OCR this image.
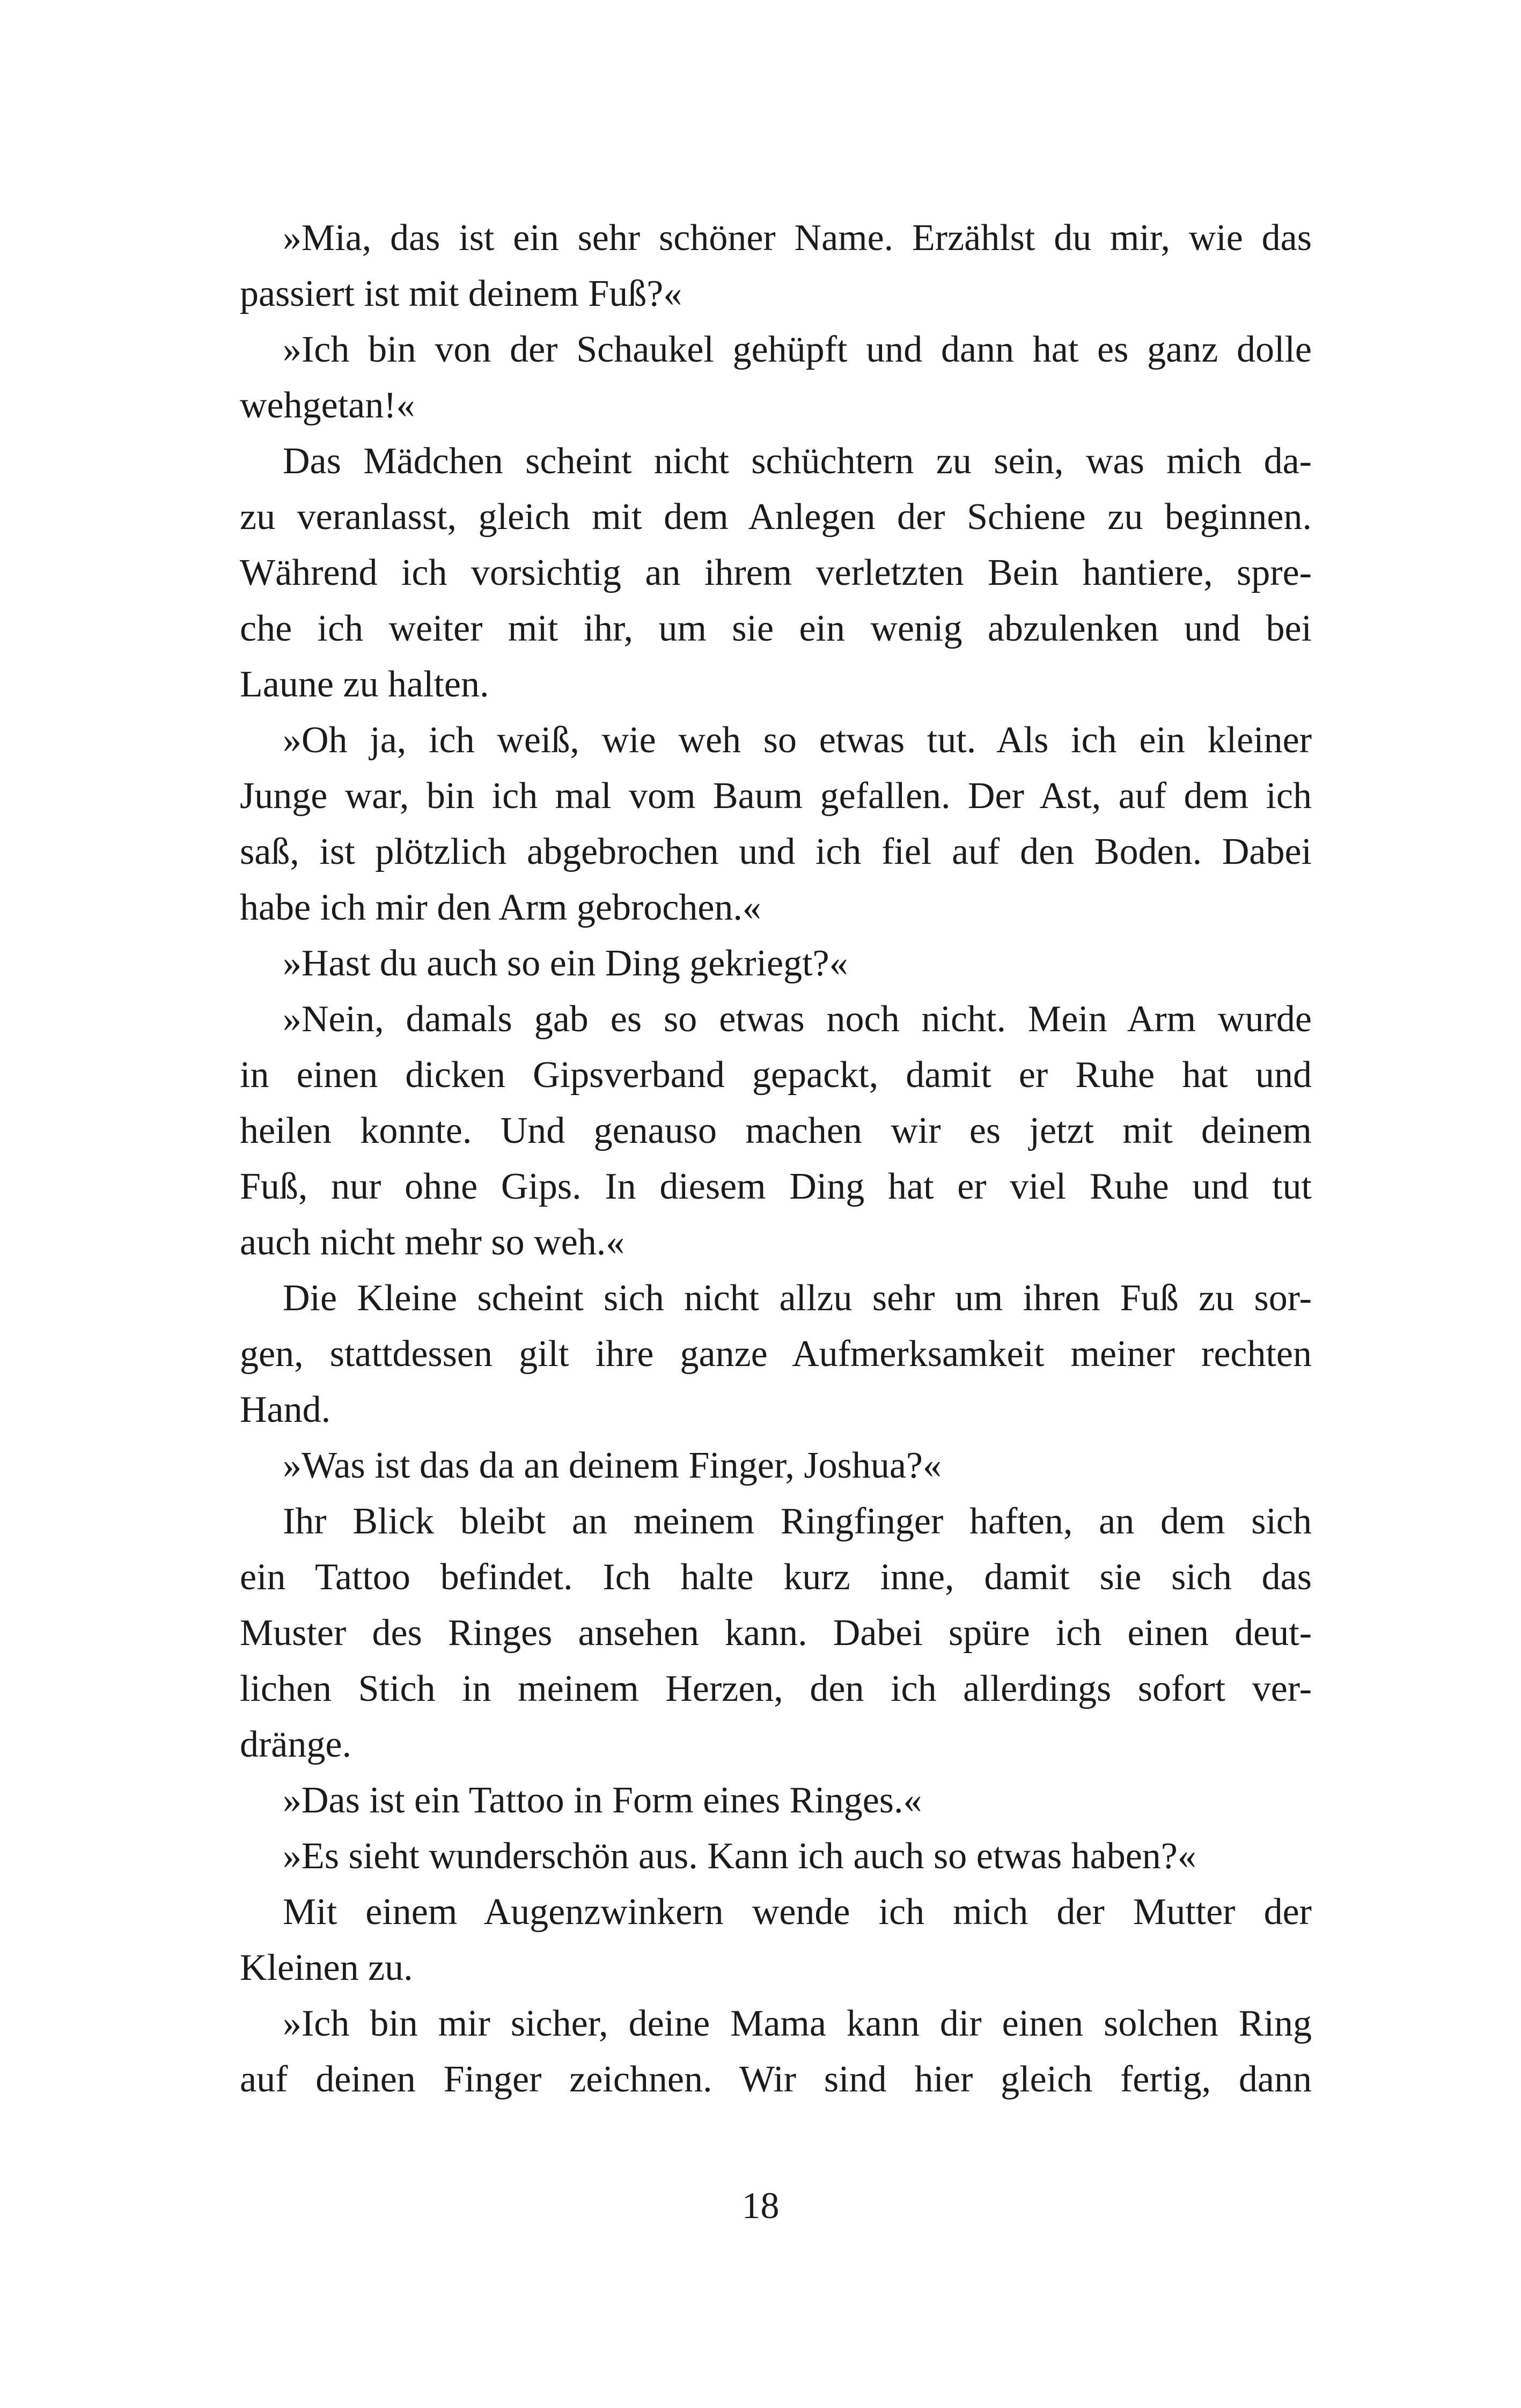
»Mia, das ist ein sehr schöner Name. Erzählst du mir, wie das
passiert ist mit deinem Fuß?«
»Ich bin von der Schaukel gehüpft und dann hat es ganz dolle
wehgetan!«
Das Mädchen scheint nicht schüchtern zu sein, was mich da-
zu veranlasst, gleich mit dem Anlegen der Schiene zu beginnen.
Während ich vorsichtig an ihrem verletzten Bein hantiere, spre-
che ich weiter mit ihr, um sie ein wenig abzulenken und bei
Laune zu halten.
»Oh ja, ich weiß, wie weh so etwas tut. Als ich ein kleiner
Junge war, bin ich mal vom Baum gefallen. Der Ast, auf dem ich
saß, ist plötzlich abgebrochen und ich fiel auf den Boden. Dabei
habe ich mir den Arm gebrochen.«
»Hast du auch so ein Ding gekriegt?«
»Nein, damals gab es so etwas noch nicht. Mein Arm wurde
in einen dicken Gipsverband gepackt, damit er Ruhe hat und
heilen konnte. Und genauso machen wir es jetzt mit deinem
Fuß, nur ohne Gips. In diesem Ding hat er viel Ruhe und tut
auch nicht mehr so weh.«
Die Kleine scheint sich nicht allzu sehr um ihren Fuß zu sor-
gen, stattdessen gilt ihre ganze Aufmerksamkeit meiner rechten
Hand.
»Was ist das da an deinem Finger, Joshua?«
Ihr Blick bleibt an meinem Ringfinger haften, an dem sich
ein Tattoo befindet. Ich halte kurz inne, damit sie sich das
Muster des Ringes ansehen kann. Dabei spüre ich einen deut-
lichen Stich in meinem Herzen, den ich allerdings sofort ver-
dränge.
»Das ist ein Tattoo in Form eines Ringes.«
»Es sieht wunderschön aus. Kann ich auch so etwas haben?«
Mit einem Augenzwinkern wende ich mich der Mutter der
Kleinen zu.
»Ich bin mir sicher, deine Mama kann dir einen solchen Ring
auf deinen Finger zeichnen. Wir sind hier gleich fertig, dann
18
